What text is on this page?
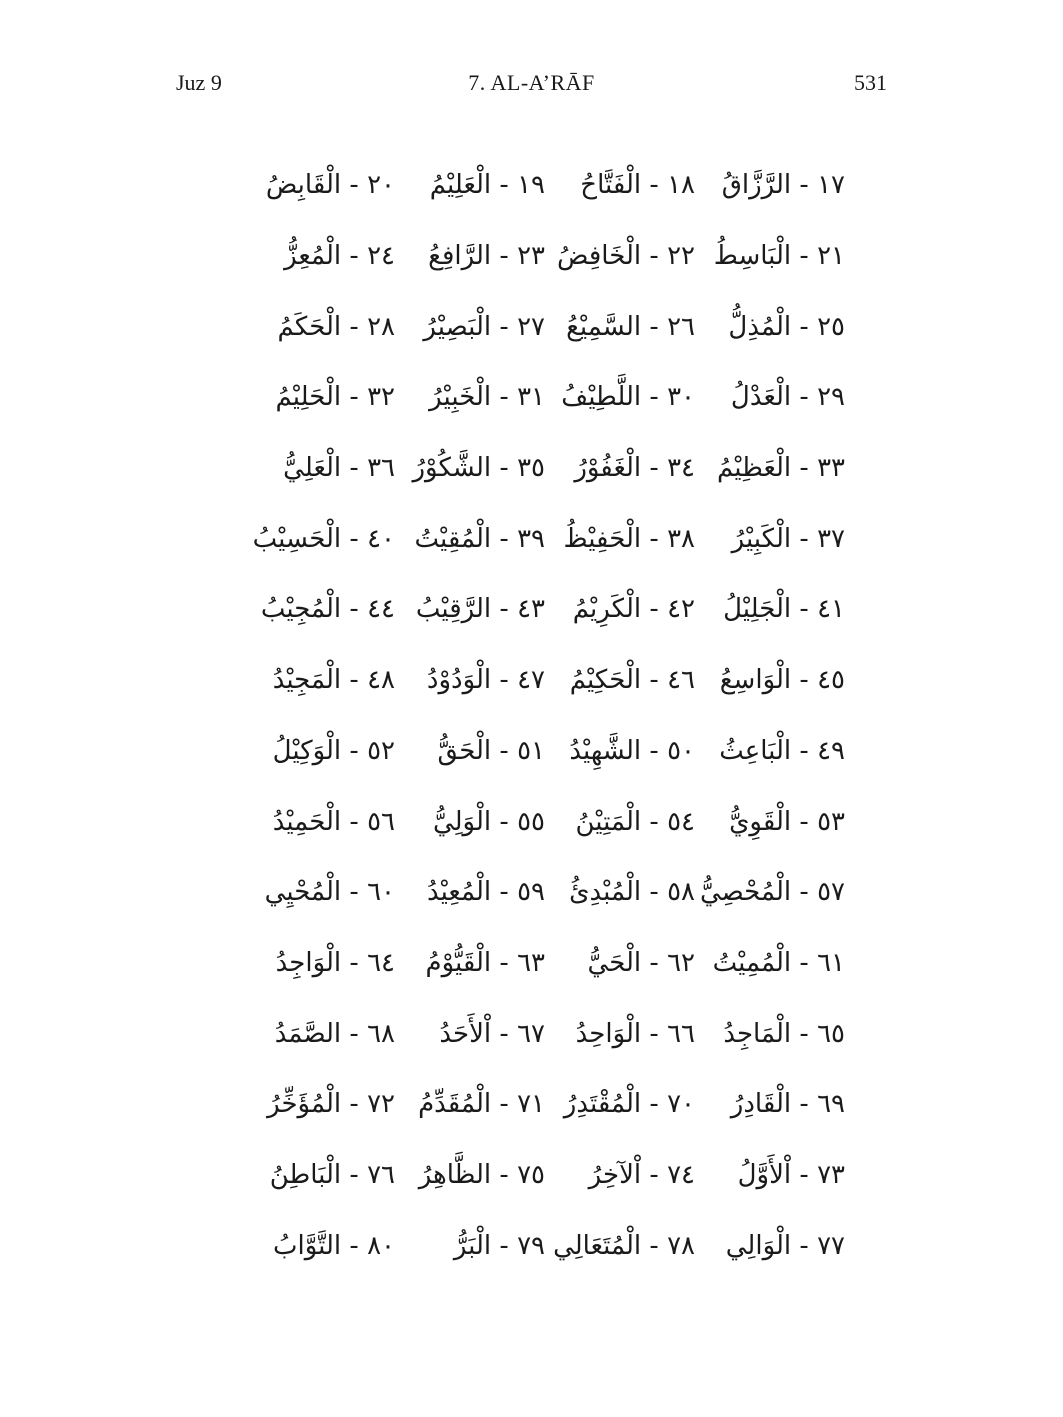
Juz 9	7. AL-A’RĀF	531
١٧ - الرَّزَّاقُ
١٨ - الْفَتَّاحُ
١٩ - الْعَلِيْمُ
٢٠ - الْقَابِضُ
٢١ - الْبَاسِطُ
٢٢ - الْخَافِضُ
٢٣ - الرَّافِعُ
٢٤ - الْمُعِزُّ
٢٥ - الْمُذِلُّ
٢٦ - السَّمِيْعُ
٢٧ - الْبَصِيْرُ
٢٨ - الْحَكَمُ
٢٩ - الْعَدْلُ
٣٠ - اللَّطِيْفُ
٣١ - الْخَبِيْرُ
٣٢ - الْحَلِيْمُ
٣٣ - الْعَظِيْمُ
٣٤ - الْغَفُوْرُ
٣٥ - الشَّكُوْرُ
٣٦ - الْعَلِيُّ
٣٧ - الْكَبِيْرُ
٣٨ - الْحَفِيْظُ
٣٩ - الْمُقِيْتُ
٤٠ - الْحَسِيْبُ
٤١ - الْجَلِيْلُ
٤٢ - الْكَرِيْمُ
٤٣ - الرَّقِيْبُ
٤٤ - الْمُجِيْبُ
٤٥ - الْوَاسِعُ
٤٦ - الْحَكِيْمُ
٤٧ - الْوَدُوْدُ
٤٨ - الْمَجِيْدُ
٤٩ - الْبَاعِثُ
٥٠ - الشَّهِيْدُ
٥١ - الْحَقُّ
٥٢ - الْوَكِيْلُ
٥٣ - الْقَوِيُّ
٥٤ - الْمَتِيْنُ
٥٥ - الْوَلِيُّ
٥٦ - الْحَمِيْدُ
٥٧ - الْمُحْصِيُّ
٥٨ - الْمُبْدِئُ
٥٩ - الْمُعِيْدُ
٦٠ - الْمُحْيِي
٦١ - الْمُمِيْتُ
٦٢ - الْحَيُّ
٦٣ - الْقَيُّوْمُ
٦٤ - الْوَاجِدُ
٦٥ - الْمَاجِدُ
٦٦ - الْوَاحِدُ
٦٧ - اْلأَحَدُ
٦٨ - الصَّمَدُ
٦٩ - الْقَادِرُ
٧٠ - الْمُقْتَدِرُ
٧١ - الْمُقَدِّمُ
٧٢ - الْمُؤَخِّرُ
٧٣ - اْلأَوَّلُ
٧٤ - اْلآخِرُ
٧٥ - الظَّاهِرُ
٧٦ - الْبَاطِنُ
٧٧ - الْوَالِي
٧٨ - الْمُتَعَالِي
٧٩ - الْبَرُّ
٨٠ - التَّوَّابُ
